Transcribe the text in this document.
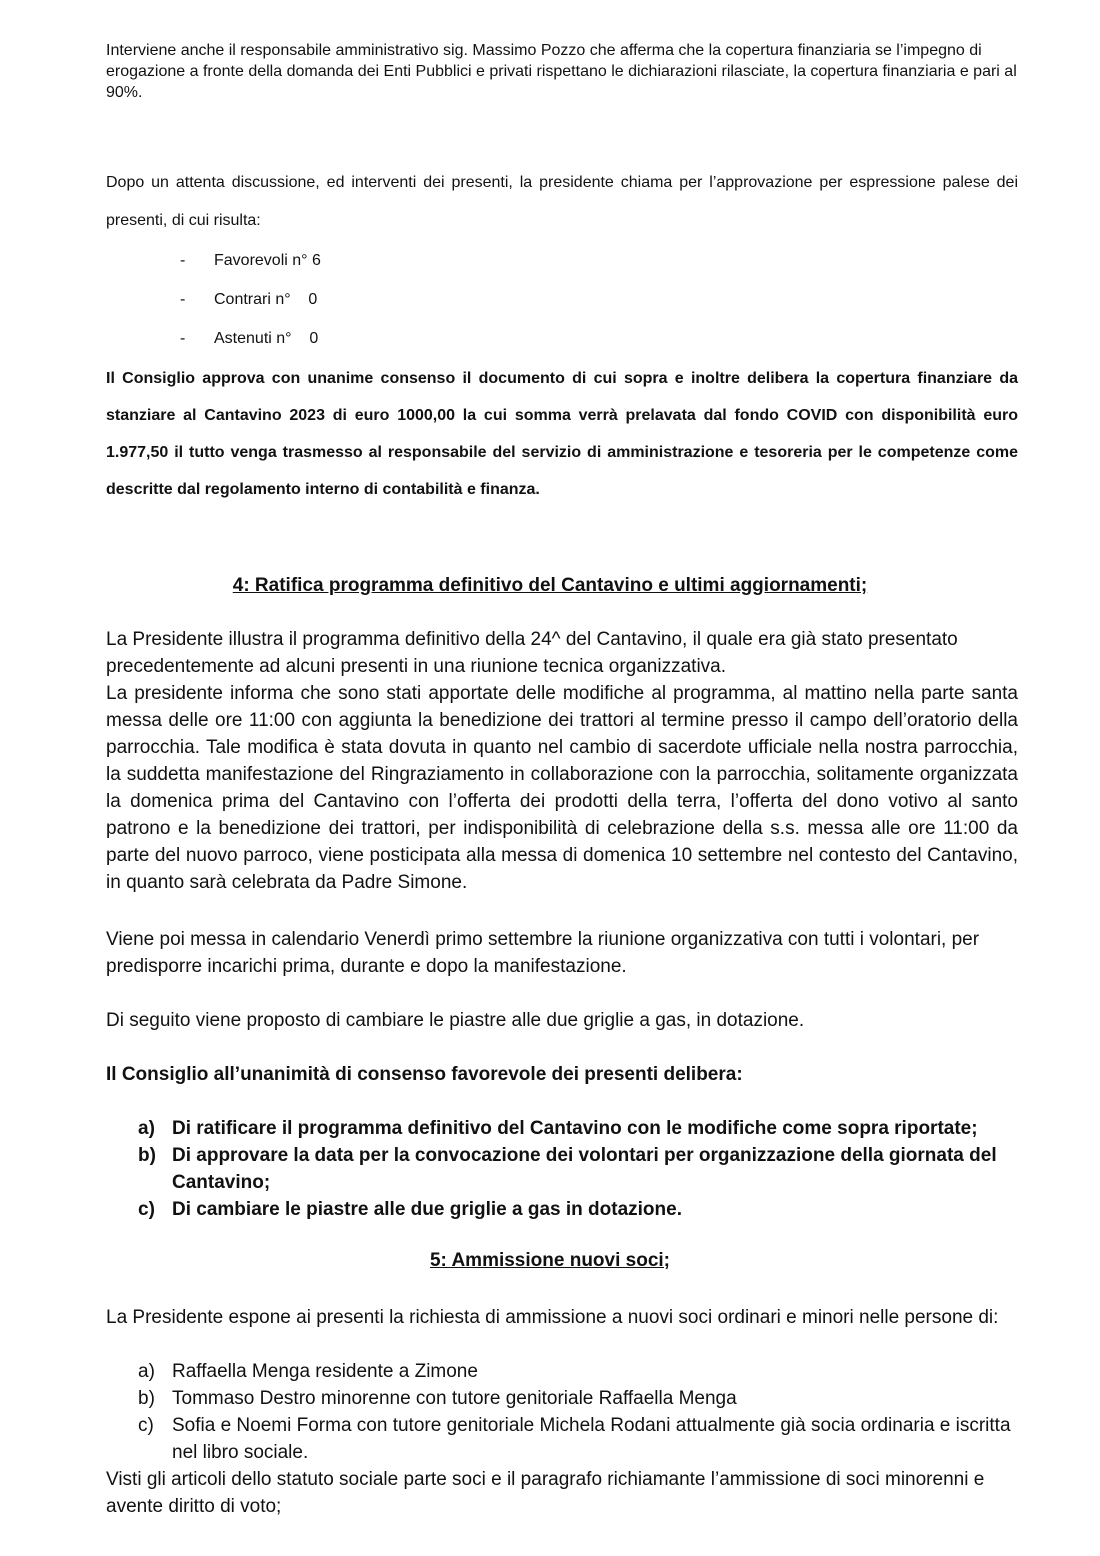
Interviene anche il responsabile amministrativo sig. Massimo Pozzo che afferma che la copertura finanziaria se l’impegno di erogazione a fronte della domanda dei Enti Pubblici e privati rispettano le dichiarazioni rilasciate, la copertura finanziaria e pari al 90%.
Dopo un attenta discussione, ed interventi dei presenti, la presidente chiama per l’approvazione per espressione palese dei presenti, di cui risulta:
- Favorevoli n° 6
- Contrari n°    0
- Astenuti n°    0
Il Consiglio approva con unanime consenso il documento di cui sopra e inoltre delibera la copertura finanziare da stanziare al Cantavino 2023 di euro 1000,00 la cui somma verrà prelavata dal fondo COVID con disponibilità euro 1.977,50 il tutto venga trasmesso al responsabile del servizio di amministrazione e tesoreria per le competenze come descritte dal regolamento interno di contabilità e finanza.
4: Ratifica programma definitivo del Cantavino e ultimi aggiornamenti;
La Presidente illustra il programma definitivo della 24^ del Cantavino, il quale era già stato presentato precedentemente ad alcuni presenti in una riunione tecnica organizzativa.
La presidente informa che sono stati apportate delle modifiche al programma, al mattino nella parte santa messa delle ore 11:00 con aggiunta la benedizione dei trattori al termine presso il campo dell’oratorio della parrocchia. Tale modifica è stata dovuta in quanto nel cambio di sacerdote ufficiale nella nostra parrocchia, la suddetta manifestazione del Ringraziamento in collaborazione con la parrocchia, solitamente organizzata la domenica prima del Cantavino con l’offerta dei prodotti della terra, l’offerta del dono votivo al santo patrono e la benedizione dei trattori, per indisponibilità di celebrazione della s.s. messa alle ore 11:00 da parte del nuovo parroco, viene posticipata alla messa di domenica 10 settembre nel contesto del Cantavino, in quanto sarà celebrata da Padre Simone.
Viene poi messa in calendario Venerdì primo settembre la riunione organizzativa con tutti i volontari, per predisporre incarichi prima, durante e dopo la manifestazione.
Di seguito viene proposto di cambiare le piastre alle due griglie a gas, in dotazione.
Il Consiglio all’unanimità di consenso favorevole dei presenti delibera:
a) Di ratificare il programma definitivo del Cantavino con le modifiche come sopra riportate;
b) Di approvare la data per la convocazione dei volontari per organizzazione della giornata del Cantavino;
c) Di cambiare le piastre alle due griglie a gas in dotazione.
5: Ammissione nuovi soci;
La Presidente espone ai presenti la richiesta di ammissione a nuovi soci ordinari e minori nelle persone di:
a) Raffaella Menga residente a Zimone
b) Tommaso Destro minorenne con tutore genitoriale Raffaella Menga
c) Sofia e Noemi Forma con tutore genitoriale Michela Rodani attualmente già socia ordinaria e iscritta nel libro sociale.
Visti gli articoli dello statuto sociale parte soci e il paragrafo richiamante l’ammissione di soci minorenni e avente diritto di voto;
